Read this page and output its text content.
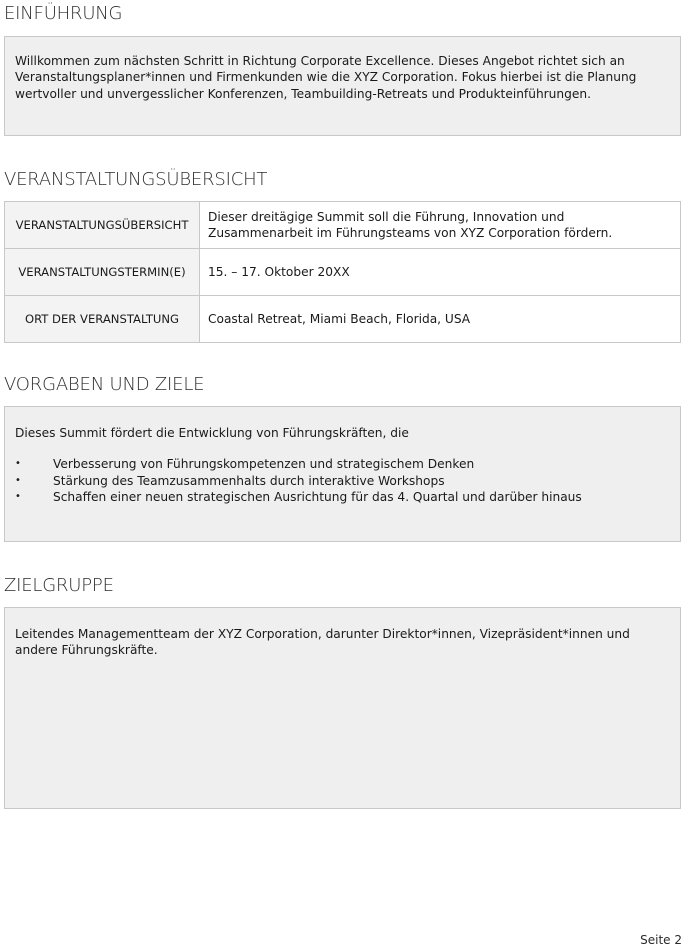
EINFÜHRUNG

Willkommen zum nächsten Schritt in Richtung Corporate Excellence. Dieses Angebot richtet sich an Veranstaltungsplaner*innen und Firmenkunden wie die XYZ Corporation. Fokus hierbei ist die Planung wertvoller und unvergesslicher Konferenzen, Teambuilding-Retreats und Produkteinführungen.

VERANSTALTUNGSÜBERSICHT
VERANSTALTUNGSÜBERSICHT	Dieser dreitägige Summit soll die Führung, Innovation und Zusammenarbeit im Führungsteams von XYZ Corporation fördern.
VERANSTALTUNGSTERMIN(E)	15. – 17. Oktober 20XX
ORT DER VERANSTALTUNG	Coastal Retreat, Miami Beach, Florida, USA
VORGABEN UND ZIELE

Dieses Summit fördert die Entwicklung von Führungskräften, die

•	Verbesserung von Führungskompetenzen und strategischem Denken
•	Stärkung des Teamzusammenhalts durch interaktive Workshops
•	Schaffen einer neuen strategischen Ausrichtung für das 4. Quartal und darüber hinaus
ZIELGRUPPE

Leitendes Managementteam der XYZ Corporation, darunter Direktor*innen, Vizepräsident*innen und andere Führungskräfte.

Seite 2
